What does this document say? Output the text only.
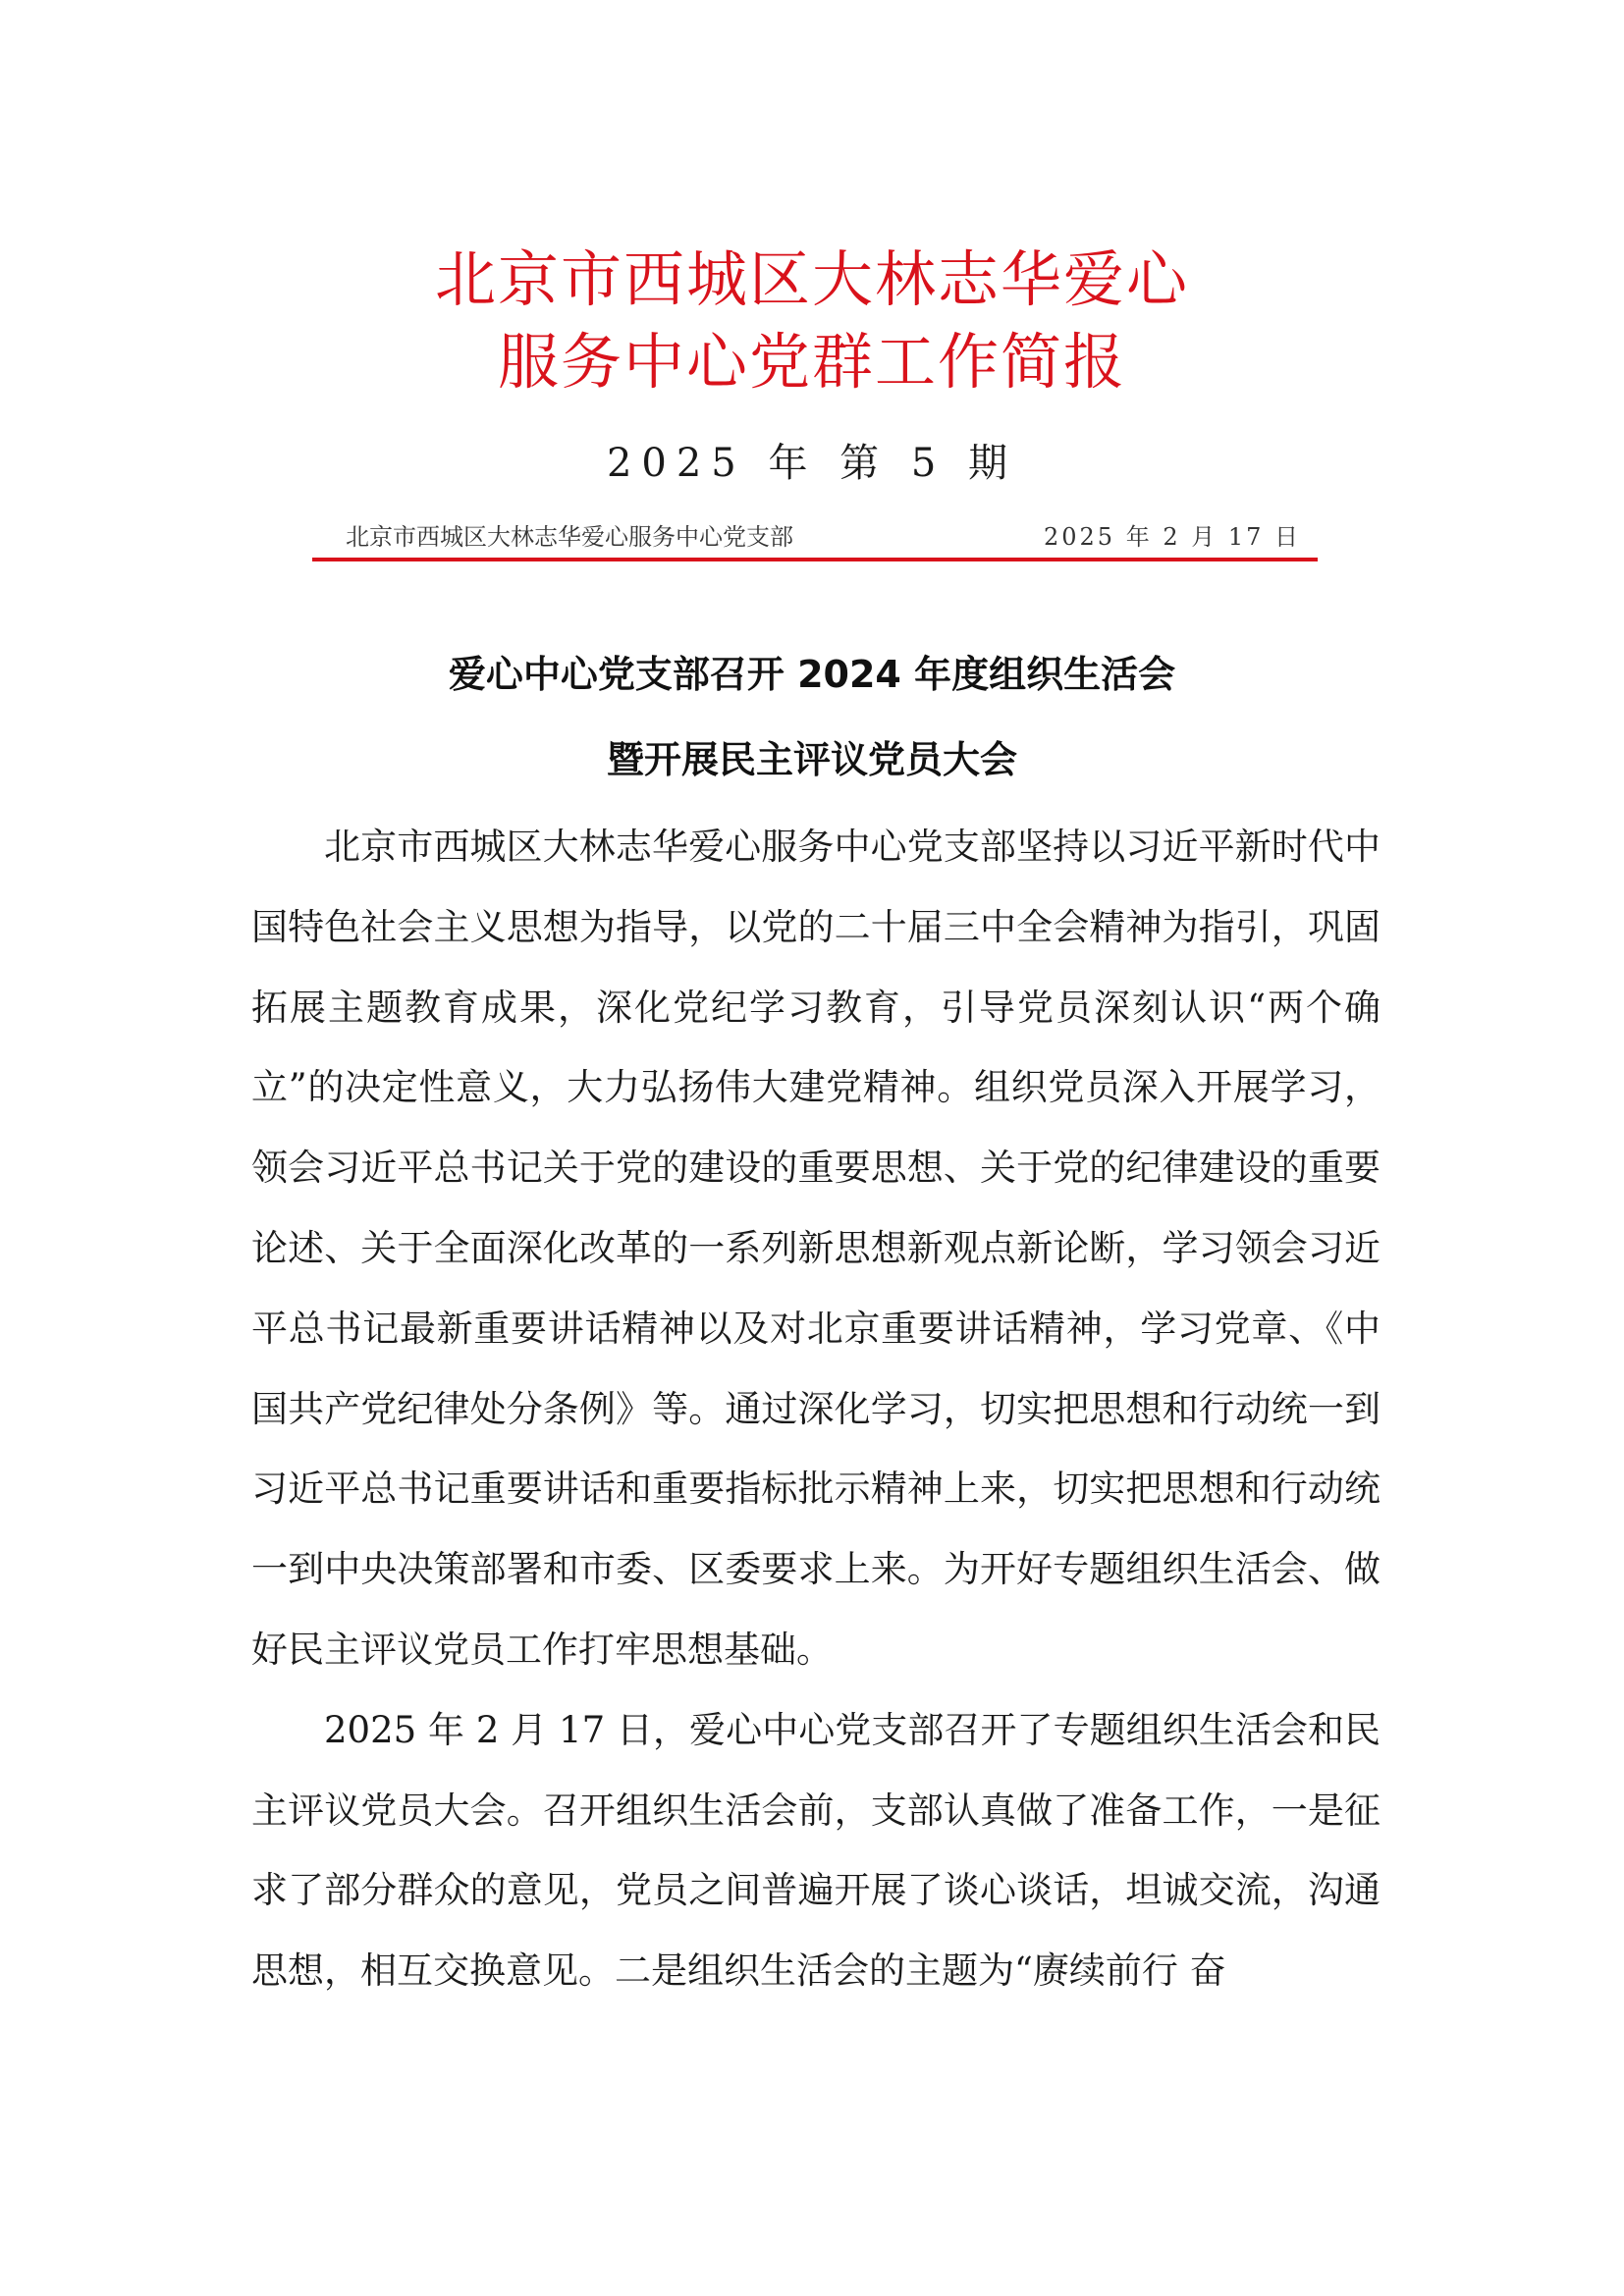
北京市西城区大林志华爱心
服务中心党群工作简报
2025 年 第 5 期
北京市西城区大林志华爱心服务中心党支部	2025 年 2 月 17 日
爱心中心党支部召开 2024 年度组织生活会
暨开展民主评议党员大会

北京市西城区大林志华爱心服务中心党支部坚持以习近平新时代中国特色社会主义思想为指导，以党的二十届三中全会精神为指引，巩固拓展主题教育成果，深化党纪学习教育，引导党员深刻认识“两个确立”的决定性意义，大力弘扬伟大建党精神。组织党员深入开展学习，领会习近平总书记关于党的建设的重要思想、关于党的纪律建设的重要论述、关于全面深化改革的一系列新思想新观点新论断，学习领会习近平总书记最新重要讲话精神以及对北京重要讲话精神，学习党章、《中国共产党纪律处分条例》等。通过深化学习，切实把思想和行动统一到习近平总书记重要讲话和重要指标批示精神上来，切实把思想和行动统一到中央决策部署和市委、区委要求上来。为开好专题组织生活会、做好民主评议党员工作打牢思想基础。

2025 年 2 月 17 日，爱心中心党支部召开了专题组织生活会和民主评议党员大会。召开组织生活会前，支部认真做了准备工作，一是征求了部分群众的意见，党员之间普遍开展了谈心谈话，坦诚交流，沟通思想，相互交换意见。二是组织生活会的主题为“赓续前行 奋
